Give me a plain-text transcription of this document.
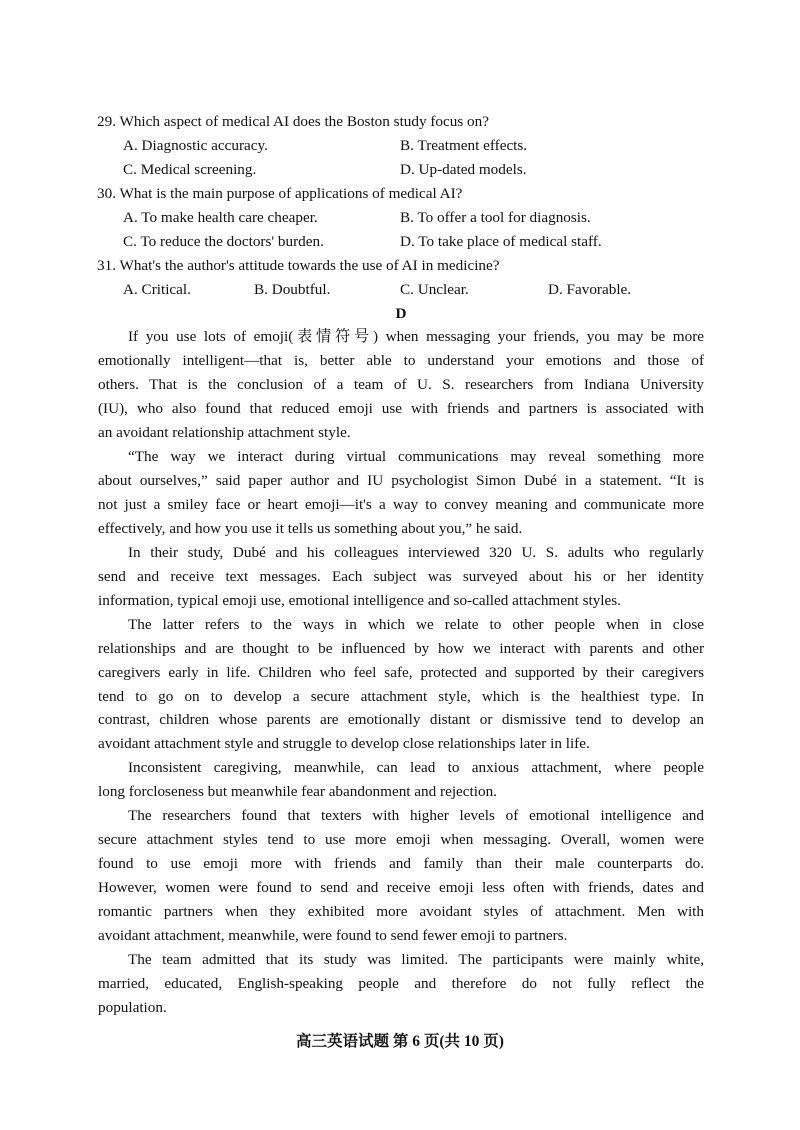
29. Which aspect of medical AI does the Boston study focus on?
A. Diagnostic accuracy.	B. Treatment effects.
C. Medical screening.	D. Up-dated models.
30. What is the main purpose of applications of medical AI?
A. To make health care cheaper.	B. To offer a tool for diagnosis.
C. To reduce the doctors' burden.	D. To take place of medical staff.
31. What's the author's attitude towards the use of AI in medicine?
A. Critical.	B. Doubtful.	C. Unclear.	D. Favorable.
D
If you use lots of emoji(表情符号) when messaging your friends, you may be more
emotionally intelligent—that is, better able to understand your emotions and those of
others. That is the conclusion of a team of U. S. researchers from Indiana University
(IU), who also found that reduced emoji use with friends and partners is associated with
an avoidant relationship attachment style.
“The way we interact during virtual communications may reveal something more
about ourselves,” said paper author and IU psychologist Simon Dubé in a statement. “It is
not just a smiley face or heart emoji—it's a way to convey meaning and communicate more
effectively, and how you use it tells us something about you,” he said.
In their study, Dubé and his colleagues interviewed 320 U. S. adults who regularly
send and receive text messages. Each subject was surveyed about his or her identity
information, typical emoji use, emotional intelligence and so-called attachment styles.
The latter refers to the ways in which we relate to other people when in close
relationships and are thought to be influenced by how we interact with parents and other
caregivers early in life. Children who feel safe, protected and supported by their caregivers
tend to go on to develop a secure attachment style, which is the healthiest type. In
contrast, children whose parents are emotionally distant or dismissive tend to develop an
avoidant attachment style and struggle to develop close relationships later in life.
Inconsistent caregiving, meanwhile, can lead to anxious attachment, where people
long forcloseness but meanwhile fear abandonment and rejection.
The researchers found that texters with higher levels of emotional intelligence and
secure attachment styles tend to use more emoji when messaging. Overall, women were
found to use emoji more with friends and family than their male counterparts do.
However, women were found to send and receive emoji less often with friends, dates and
romantic partners when they exhibited more avoidant styles of attachment. Men with
avoidant attachment, meanwhile, were found to send fewer emoji to partners.
The team admitted that its study was limited. The participants were mainly white,
married, educated, English-speaking people and therefore do not fully reflect the
population.
高三英语试题 第 6 页(共 10 页)
